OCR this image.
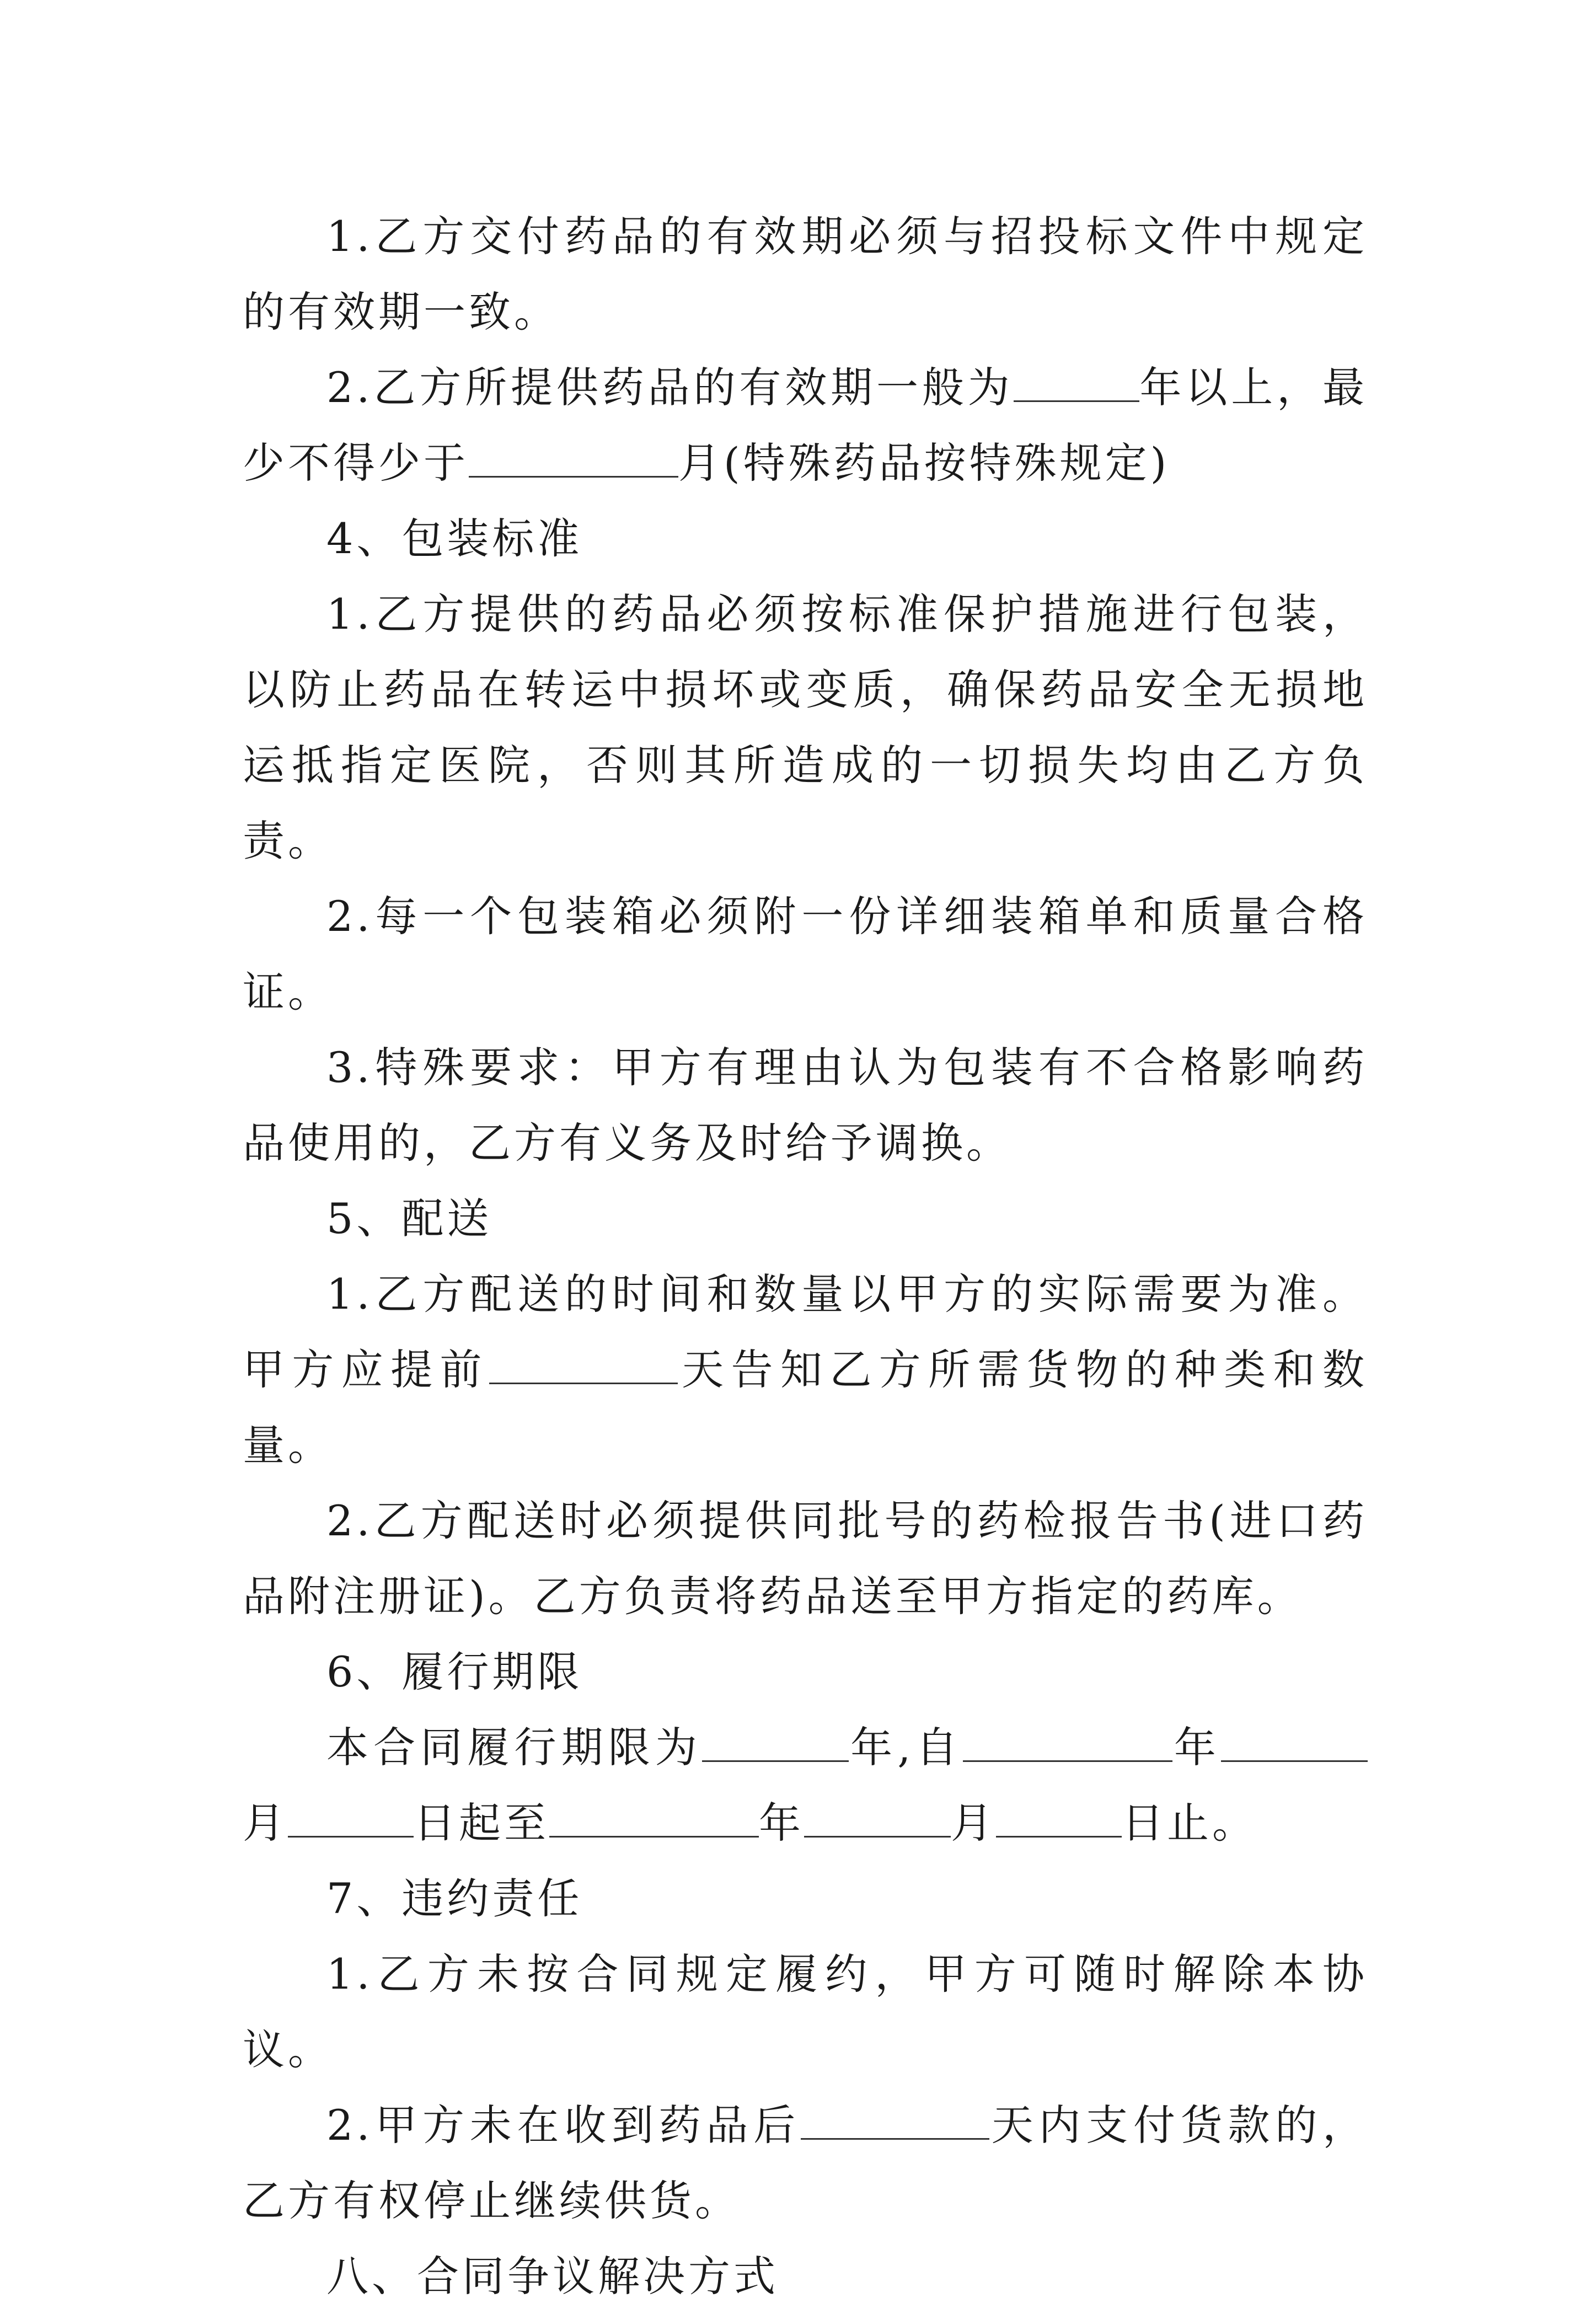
1.乙方交付药品的有效期必须与招投标文件中规定的有效期一致。

2.乙方所提供药品的有效期一般为	年以上，最少不得少于	月(特殊药品按特殊规定)

4、包装标准

1.乙方提供的药品必须按标准保护措施进行包装，以防止药品在转运中损坏或变质，确保药品安全无损地运抵指定医院，否则其所造成的一切损失均由乙方负责。

2.每一个包装箱必须附一份详细装箱单和质量合格证。

3.特殊要求：甲方有理由认为包装有不合格影响药品使用的，乙方有义务及时给予调换。

5、配送

1.乙方配送的时间和数量以甲方的实际需要为准。甲方应提前	天告知乙方所需货物的种类和数量。

2.乙方配送时必须提供同批号的药检报告书(进口药品附注册证)。乙方负责将药品送至甲方指定的药库。

6、履行期限

本合同履行期限为	年,自	年月	日起至	年	月	日止。

7、违约责任

1.乙方未按合同规定履约，甲方可随时解除本协议。

2.甲方未在收到药品后	天内支付货款的，乙方有权停止继续供货。

八、合同争议解决方式
